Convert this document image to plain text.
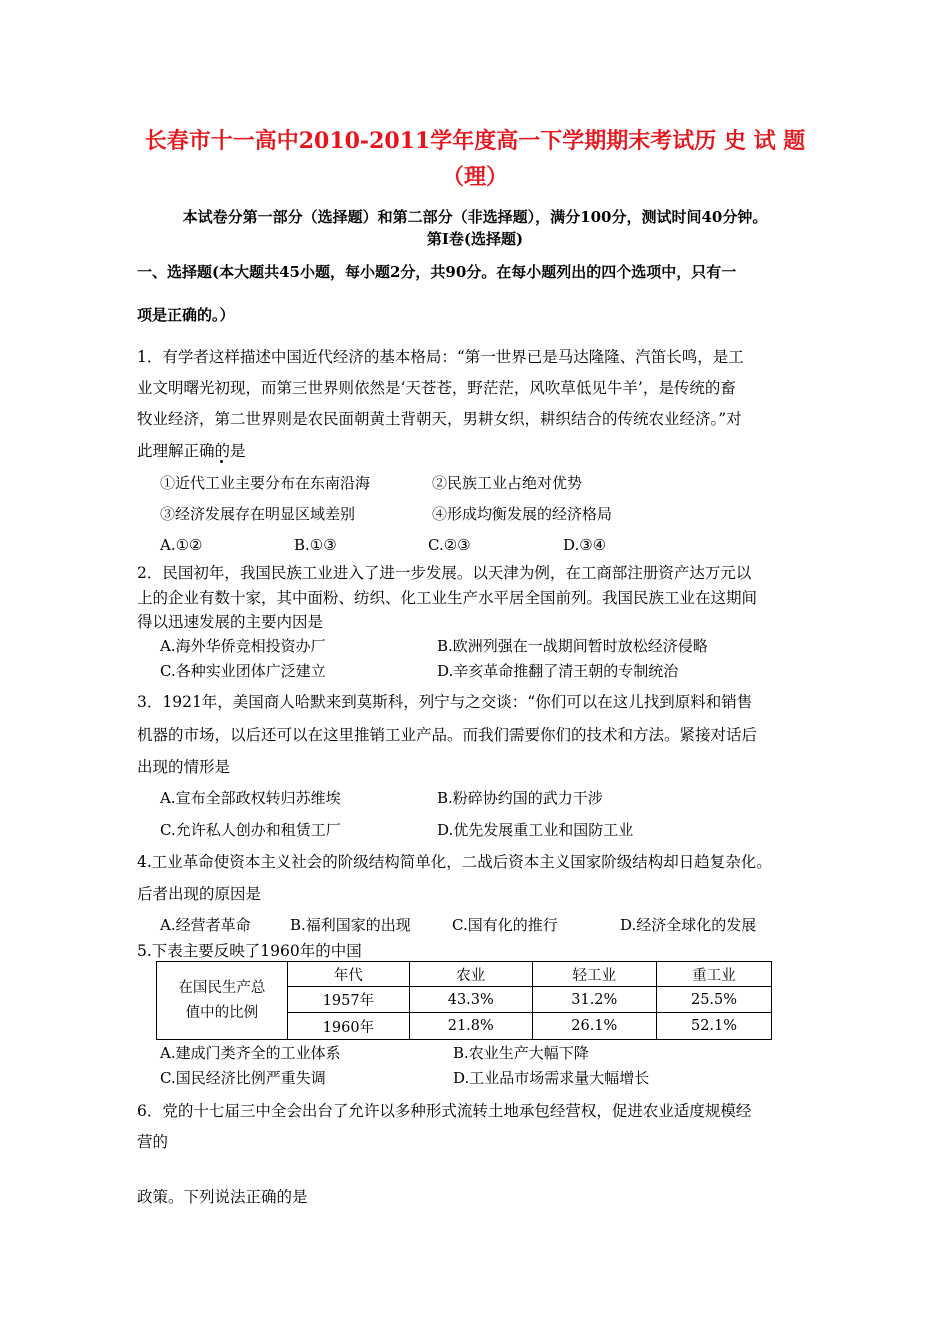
长春市十一高中2010-2011学年度高一下学期期末考试历 史 试 题
（理）
本试卷分第一部分（选择题）和第二部分（非选择题），满分100分，测试时间40分钟。
第Ⅰ卷(选择题)
一、选择题(本大题共45小题，每小题2分，共90分。在每小题列出的四个选项中，只有一
项是正确的。）
1．有学者这样描述中国近代经济的基本格局：“第一世界已是马达隆隆、汽笛长鸣，是工
业文明曙光初现，而第三世界则依然是‘天苍苍，野茫茫，风吹草低见牛羊’，是传统的畜
牧业经济，第二世界则是农民面朝黄土背朝天，男耕女织，耕织结合的传统农业经济。”对
此理解正确的是
①近代工业主要分布在东南沿海	②民族工业占绝对优势
③经济发展存在明显区域差别	④形成均衡发展的经济格局
A.①②	B.①③	C.②③	D.③④
2．民国初年，我国民族工业进入了进一步发展。以天津为例，在工商部注册资产达万元以
上的企业有数十家，其中面粉、纺织、化工业生产水平居全国前列。我国民族工业在这期间
得以迅速发展的主要内因是
A.海外华侨竞相投资办厂	B.欧洲列强在一战期间暂时放松经济侵略
C.各种实业团体广泛建立	D.辛亥革命推翻了清王朝的专制统治
3．1921年，美国商人哈默来到莫斯科，列宁与之交谈：“你们可以在这儿找到原料和销售
机器的市场，以后还可以在这里推销工业产品。而我们需要你们的技术和方法。紧接对话后
出现的情形是
A.宣布全部政权转归苏维埃	B.粉碎协约国的武力干涉
C.允许私人创办和租赁工厂	D.优先发展重工业和国防工业
4.工业革命使资本主义社会的阶级结构简单化，二战后资本主义国家阶级结构却日趋复杂化。
后者出现的原因是
A.经营者革命	B.福利国家的出现	C.国有化的推行	D.经济全球化的发展
5.下表主要反映了1960年的中国
在国民生产总
值中的比例	年代	农业	轻工业	重工业
	1957年	43.3%	31.2%	25.5%
	1960年	21.8%	26.1%	52.1%
A.建成门类齐全的工业体系	B.农业生产大幅下降
C.国民经济比例严重失调	D.工业品市场需求量大幅增长
6．党的十七届三中全会出台了允许以多种形式流转土地承包经营权，促进农业适度规模经
营的
政策。下列说法正确的是
